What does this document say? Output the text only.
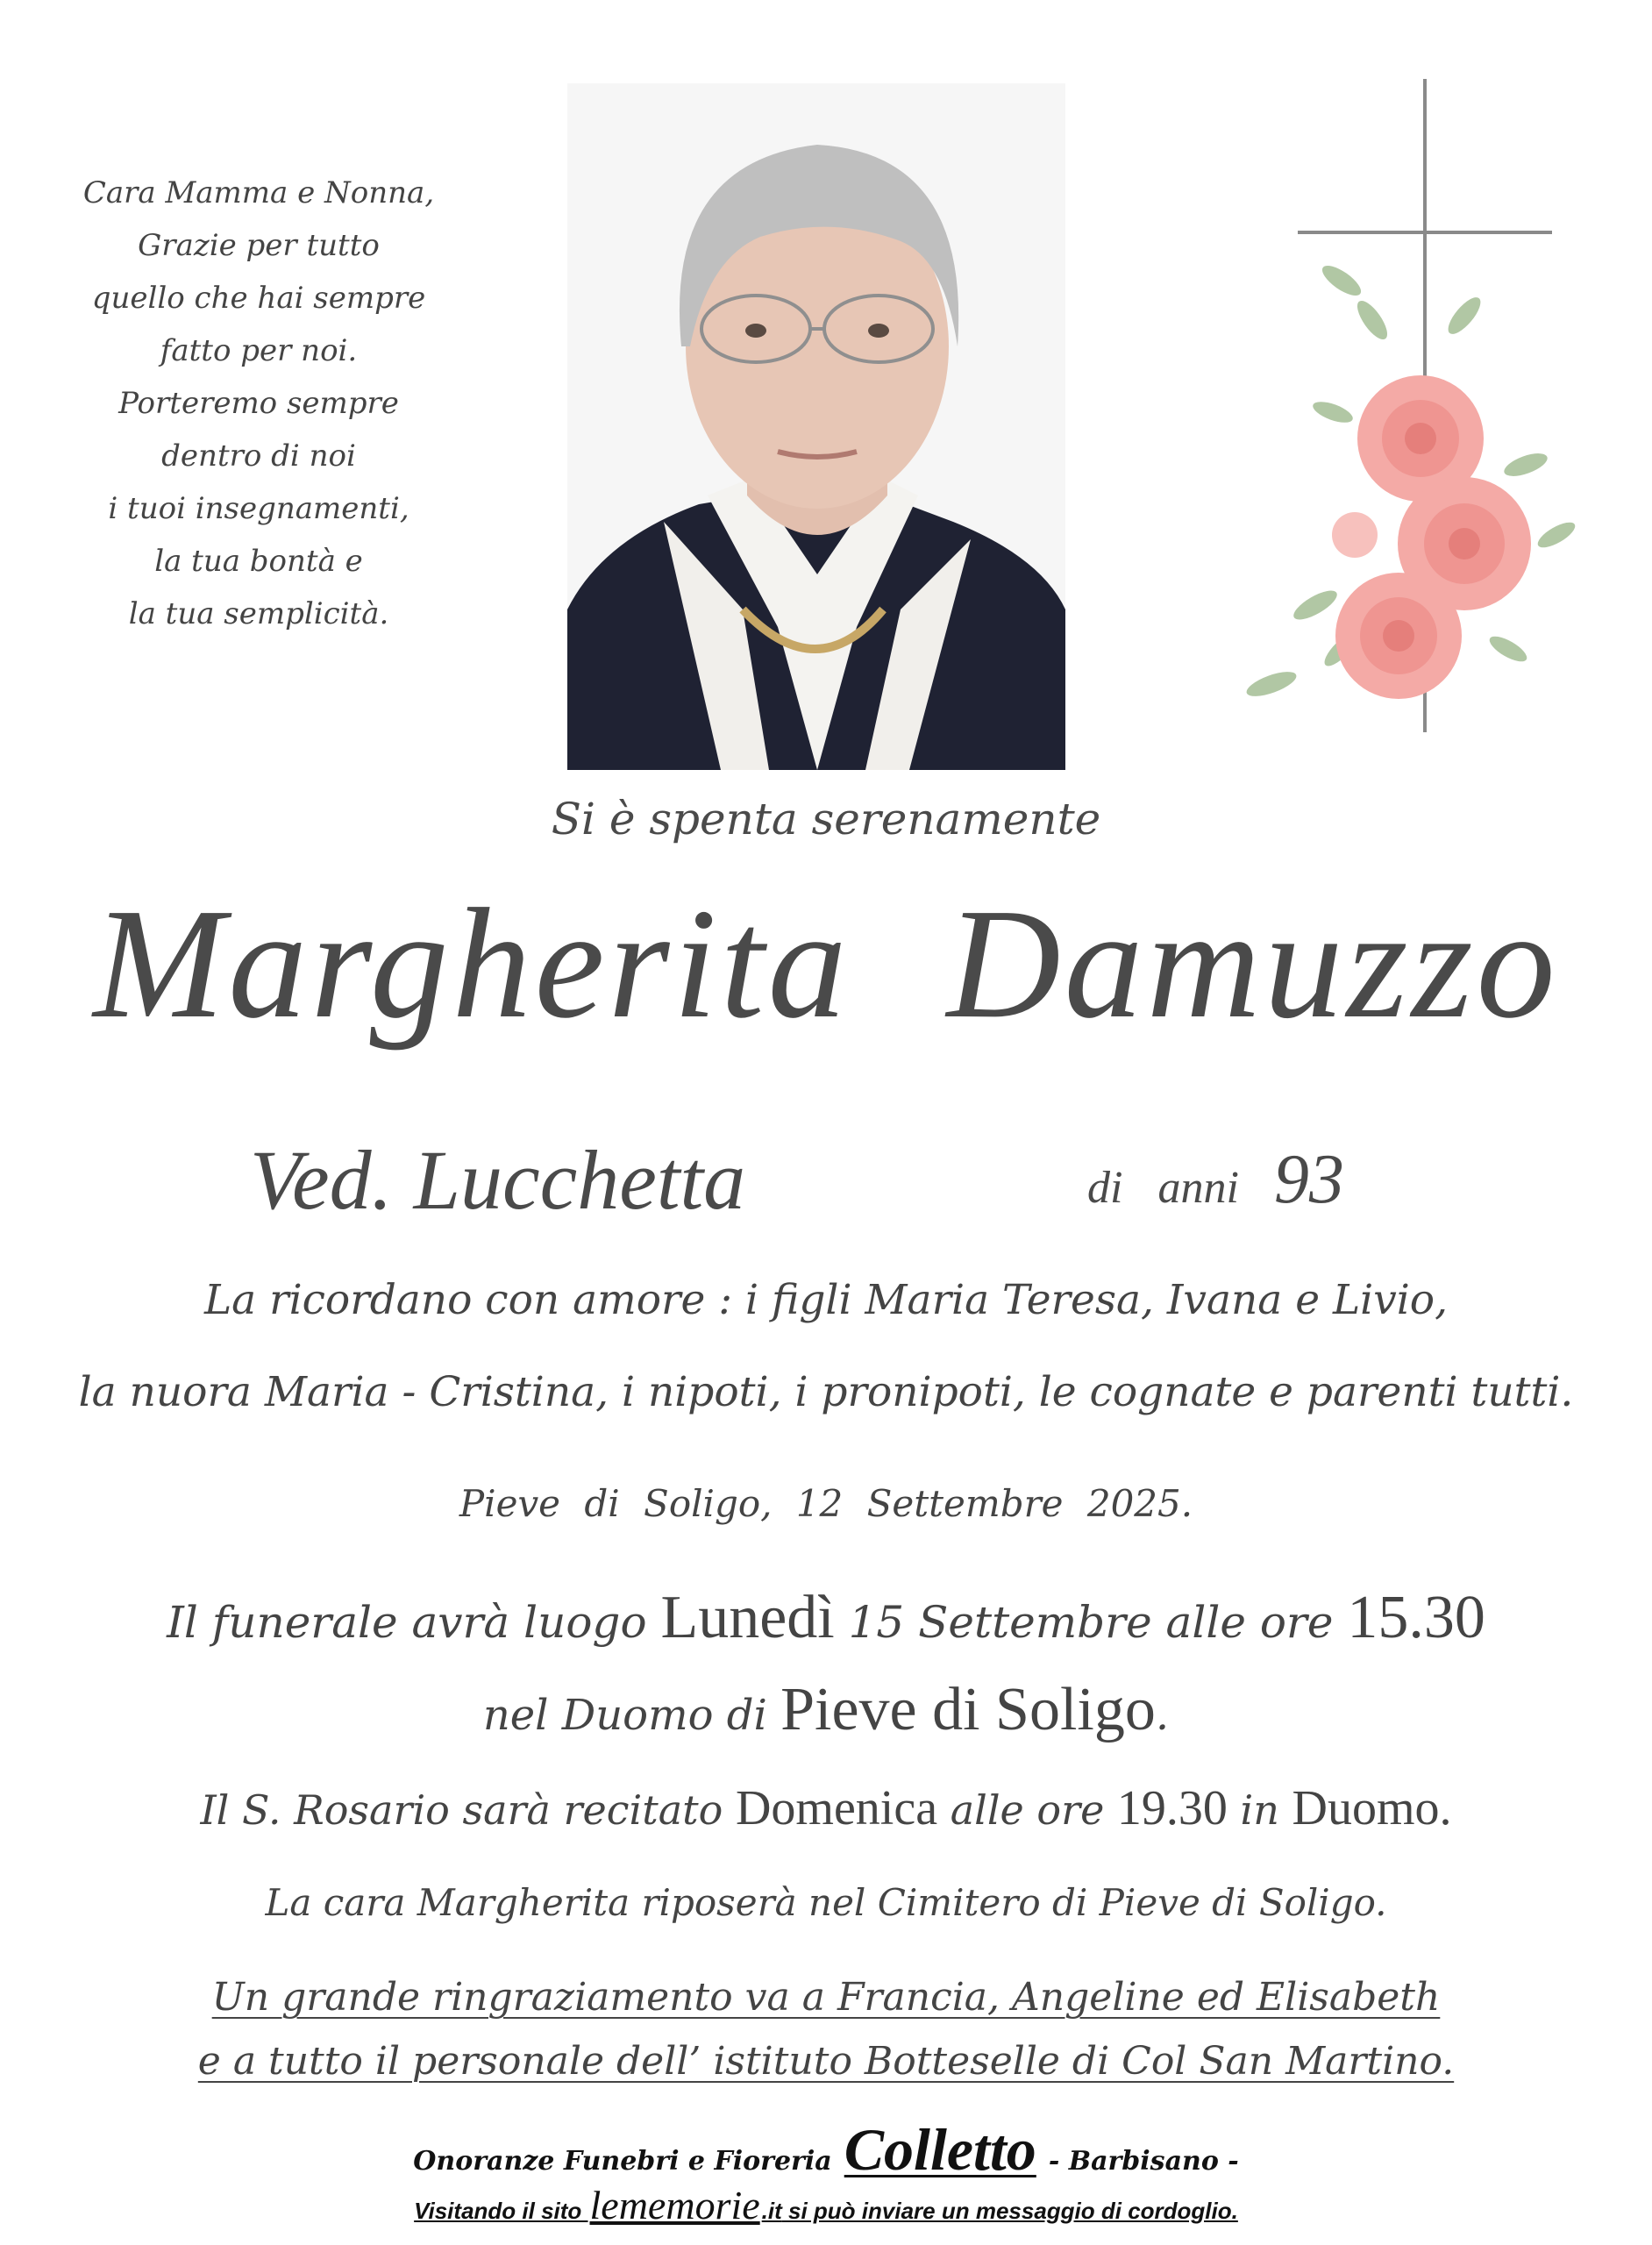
Cara Mamma e Nonna,
Grazie per tutto
quello che hai sempre
fatto per noi.
Porteremo sempre
dentro di noi
i tuoi insegnamenti,
la tua bontà e
la tua semplicità.
Si è spenta serenamente
Margherita Damuzzo
Ved. Lucchetta	di anni 93
La ricordano con amore : i figli Maria Teresa, Ivana e Livio,
la nuora Maria - Cristina, i nipoti, i pronipoti, le cognate e parenti tutti.
Pieve di Soligo, 12 Settembre 2025.
Il funerale avrà luogo Lunedì 15 Settembre alle ore 15.30
nel Duomo di Pieve di Soligo.
Il S. Rosario sarà recitato Domenica alle ore 19.30 in Duomo.
La cara Margherita riposerà nel Cimitero di Pieve di Soligo.
Un grande ringraziamento va a Francia, Angeline ed Elisabeth
e a tutto il personale dell’ istituto Botteselle di Col San Martino.
Onoranze Funebri e Fioreria Colletto - Barbisano -
Visitando il sito lememorie.it si può inviare un messaggio di cordoglio.
